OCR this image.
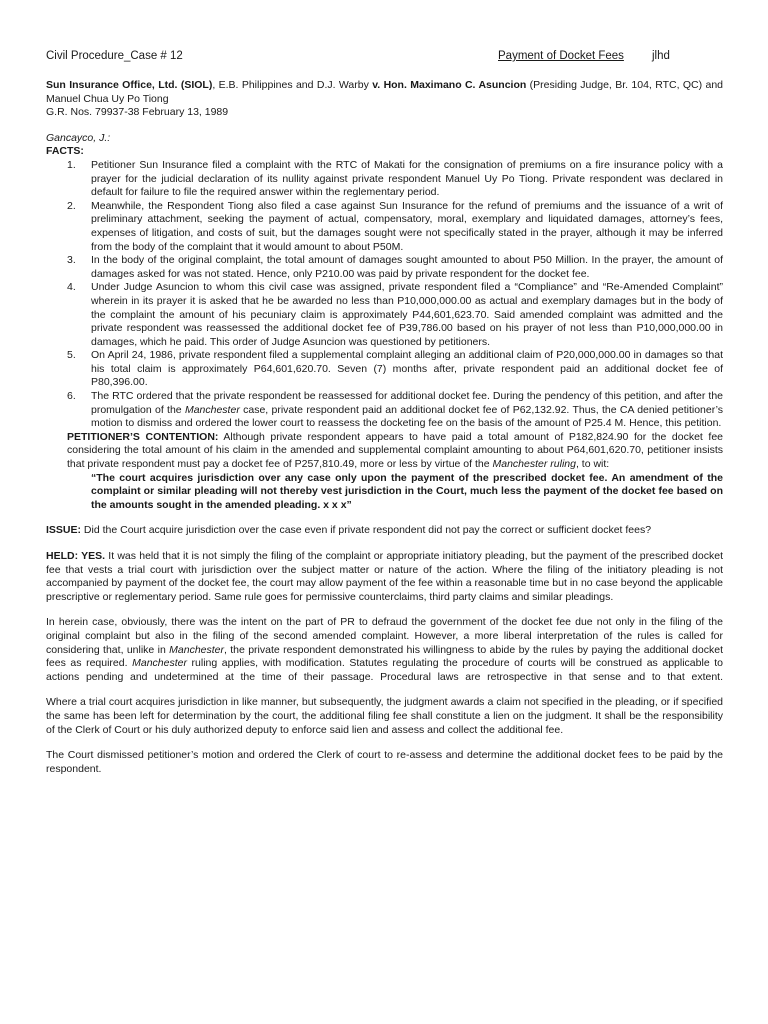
Civil Procedure_Case # 12	Payment of Docket Fees jlhd

Sun Insurance Office, Ltd. (SIOL), E.B. Philippines and D.J. Warby v. Hon. Maximano C. Asuncion (Presiding Judge, Br. 104, RTC, QC) and Manuel Chua Uy Po Tiong

G.R. Nos. 79937-38 February 13, 1989

Gancayco, J.:

FACTS:

1. Petitioner Sun Insurance filed a complaint with the RTC of Makati for the consignation of premiums on a fire insurance policy with a prayer for the judicial declaration of its nullity against private respondent Manuel Uy Po Tiong. Private respondent was declared in default for failure to file the required answer within the reglementary period.
2. Meanwhile, the Respondent Tiong also filed a case against Sun Insurance for the refund of premiums and the issuance of a writ of preliminary attachment, seeking the payment of actual, compensatory, moral, exemplary and liquidated damages, attorney’s fees, expenses of litigation, and costs of suit, but the damages sought were not specifically stated in the prayer, although it may be inferred from the body of the complaint that it would amount to about P50M.
3. In the body of the original complaint, the total amount of damages sought amounted to about P50 Million. In the prayer, the amount of damages asked for was not stated. Hence, only P210.00 was paid by private respondent for the docket fee.
4. Under Judge Asuncion to whom this civil case was assigned, private respondent filed a “Compliance” and “Re-Amended Complaint” wherein in its prayer it is asked that he be awarded no less than P10,000,000.00 as actual and exemplary damages but in the body of the complaint the amount of his pecuniary claim is approximately P44,601,623.70. Said amended complaint was admitted and the private respondent was reassessed the additional docket fee of P39,786.00 based on his prayer of not less than P10,000,000.00 in damages, which he paid. This order of Judge Asuncion was questioned by petitioners.
5. On April 24, 1986, private respondent filed a supplemental complaint alleging an additional claim of P20,000,000.00 in damages so that his total claim is approximately P64,601,620.70. Seven (7) months after, private respondent paid an additional docket fee of P80,396.00.
6. The RTC ordered that the private respondent be reassessed for additional docket fee. During the pendency of this petition, and after the promulgation of the Manchester case, private respondent paid an additional docket fee of P62,132.92. Thus, the CA denied petitioner’s motion to dismiss and ordered the lower court to reassess the docketing fee on the basis of the amount of P25.4 M. Hence, this petition.

PETITIONER’S CONTENTION: Although private respondent appears to have paid a total amount of P182,824.90 for the docket fee considering the total amount of his claim in the amended and supplemental complaint amounting to about P64,601,620.70, petitioner insists that private respondent must pay a docket fee of P257,810.49, more or less by virtue of the Manchester ruling, to wit:

“The court acquires jurisdiction over any case only upon the payment of the prescribed docket fee. An amendment of the complaint or similar pleading will not thereby vest jurisdiction in the Court, much less the payment of the docket fee based on the amounts sought in the amended pleading. x x x”

ISSUE: Did the Court acquire jurisdiction over the case even if private respondent did not pay the correct or sufficient docket fees?

HELD: YES. It was held that it is not simply the filing of the complaint or appropriate initiatory pleading, but the payment of the prescribed docket fee that vests a trial court with jurisdiction over the subject matter or nature of the action. Where the filing of the initiatory pleading is not accompanied by payment of the docket fee, the court may allow payment of the fee within a reasonable time but in no case beyond the applicable prescriptive or reglementary period. Same rule goes for permissive counterclaims, third party claims and similar pleadings.

In herein case, obviously, there was the intent on the part of PR to defraud the government of the docket fee due not only in the filing of the original complaint but also in the filing of the second amended complaint. However, a more liberal interpretation of the rules is called for considering that, unlike in Manchester, the private respondent demonstrated his willingness to abide by the rules by paying the additional docket fees as required. Manchester ruling applies, with modification. Statutes regulating the procedure of courts will be construed as applicable to actions pending and undetermined at the time of their passage. Procedural laws are retrospective in that sense and to that extent.

Where a trial court acquires jurisdiction in like manner, but subsequently, the judgment awards a claim not specified in the pleading, or if specified the same has been left for determination by the court, the additional filing fee shall constitute a lien on the judgment. It shall be the responsibility of the Clerk of Court or his duly authorized deputy to enforce said lien and assess and collect the additional fee.

The Court dismissed petitioner’s motion and ordered the Clerk of court to re-assess and determine the additional docket fees to be paid by the respondent.
